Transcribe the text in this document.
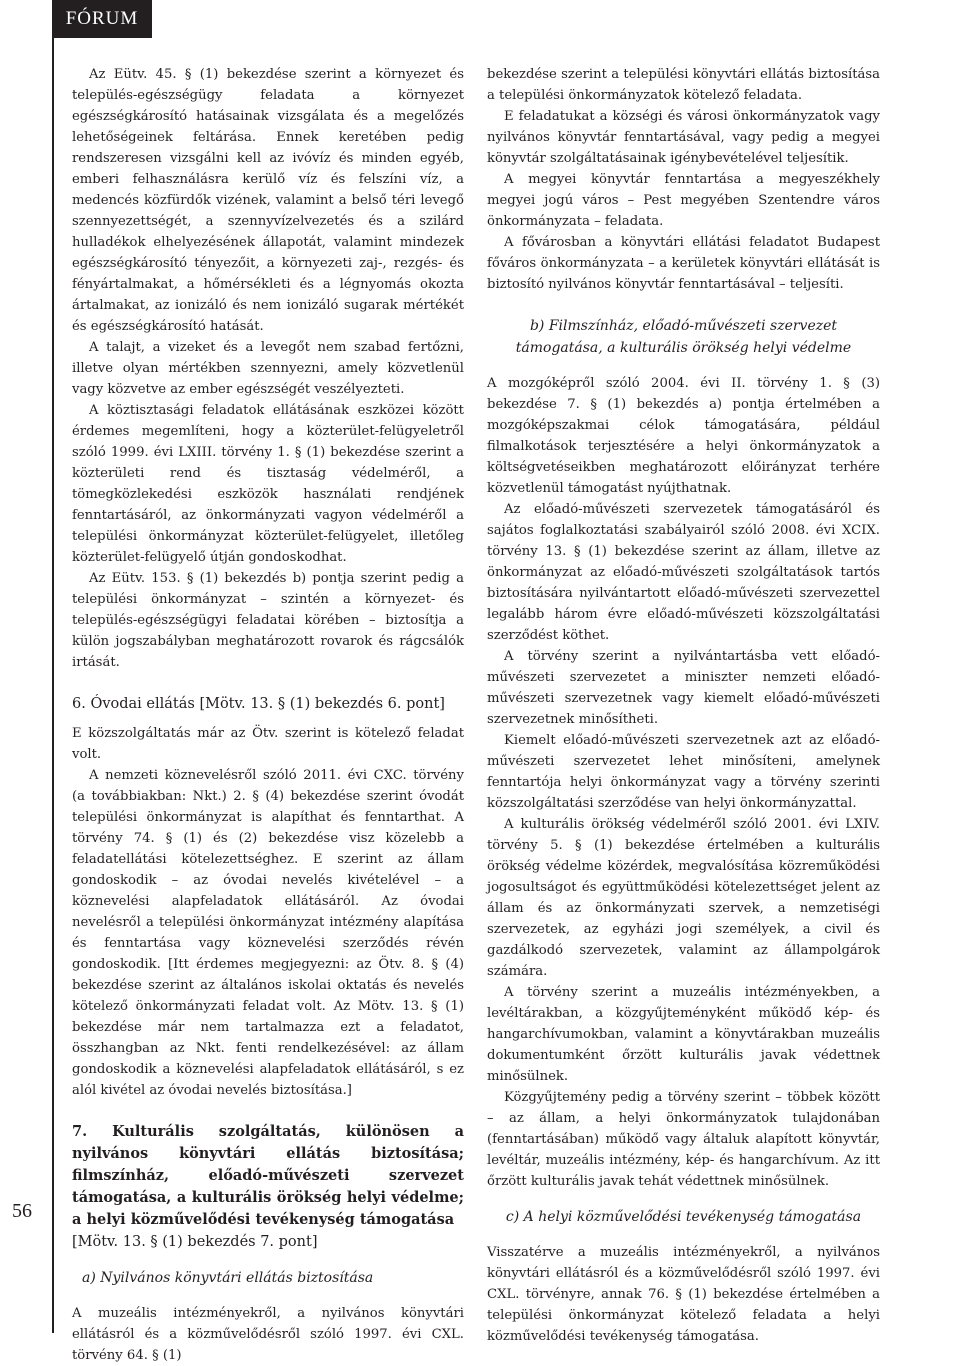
FÓRUM
56

Az Eütv. 45. § (1) bekezdése szerint a környezet és település-egészségügy feladata a környezet egészségkárosító hatásainak vizsgálata és a megelőzés lehetőségeinek feltárása. Ennek keretében pedig rendszeresen vizsgálni kell az ivóvíz és minden egyéb, emberi felhasználásra kerülő víz és felszíni víz, a medencés közfürdők vizének, valamint a belső téri levegő szennyezettségét, a szennyvízelvezetés és a szilárd hulladékok elhelyezésének állapotát, valamint mindezek egészségkárosító tényezőit, a környezeti zaj-, rezgés- és fényártalmakat, a hőmérsékleti és a légnyomás okozta ártalmakat, az ionizáló és nem ionizáló sugarak mértékét és egészségkárosító hatását.

A talajt, a vizeket és a levegőt nem szabad fertőzni, illetve olyan mértékben szennyezni, amely közvetlenül vagy közvetve az ember egészségét veszélyezteti.

A köztisztasági feladatok ellátásának eszközei között érdemes megemlíteni, hogy a közterület-felügyeletről szóló 1999. évi LXIII. törvény 1. § (1) bekezdése szerint a közterületi rend és tisztaság védelméről, a tömegközlekedési eszközök használati rendjének fenntartásáról, az önkormányzati vagyon védelméről a települési önkormányzat közterület-felügyelet, illetőleg közterület-felügyelő útján gondoskodhat.

Az Eütv. 153. § (1) bekezdés b) pontja szerint pedig a települési önkormányzat – szintén a környezet- és település-egészségügyi feladatai körében – biztosítja a külön jogszabályban meghatározott rovarok és rágcsálók irtását.

6. Óvodai ellátás [Mötv. 13. § (1) bekezdés 6. pont]

E közszolgáltatás már az Ötv. szerint is kötelező feladat volt.

A nemzeti köznevelésről szóló 2011. évi CXC. törvény (a továbbiakban: Nkt.) 2. § (4) bekezdése szerint óvodát települési önkormányzat is alapíthat és fenntarthat. A törvény 74. § (1) és (2) bekezdése visz közelebb a feladatellátási kötelezettséghez. E szerint az állam gondoskodik – az óvodai nevelés kivételével – a köznevelési alapfeladatok ellátásáról. Az óvodai nevelésről a települési önkormányzat intézmény alapítása és fenntartása vagy köznevelési szerződés révén gondoskodik. [Itt érdemes megjegyezni: az Ötv. 8. § (4) bekezdése szerint az általános iskolai oktatás és nevelés kötelező önkormányzati feladat volt. Az Mötv. 13. § (1) bekezdése már nem tartalmazza ezt a feladatot, összhangban az Nkt. fenti rendelkezésével: az állam gondoskodik a köznevelési alapfeladatok ellátásáról, s ez alól kivétel az óvodai nevelés biztosítása.]

7. Kulturális szolgáltatás, különösen a nyilvános könyvtári ellátás biztosítása; filmszínház, előadó-művészeti szervezet támogatása, a kulturális örökség helyi védelme; a helyi közművelődési tevékenység támogatása
[Mötv. 13. § (1) bekezdés 7. pont]
a) Nyilvános könyvtári ellátás biztosítása

A muzeális intézményekről, a nyilvános könyvtári ellátásról és a közművelődésről szóló 1997. évi CXL. törvény 64. § (1)

bekezdése szerint a települési könyvtári ellátás biztosítása a települési önkormányzatok kötelező feladata.

E feladatukat a községi és városi önkormányzatok vagy nyilvános könyvtár fenntartásával, vagy pedig a megyei könyvtár szolgáltatásainak igénybevételével teljesítik.

A megyei könyvtár fenntartása a megyeszékhely megyei jogú város – Pest megyében Szentendre város önkormányzata – feladata.

A fővárosban a könyvtári ellátási feladatot Budapest főváros önkormányzata – a kerületek könyvtári ellátását is biztosító nyilvános könyvtár fenntartásával – teljesíti.

b) Filmszínház, előadó-művészeti szervezet
támogatása, a kulturális örökség helyi védelme

A mozgóképről szóló 2004. évi II. törvény 1. § (3) bekezdése 7. § (1) bekezdés a) pontja értelmében a mozgóképszakmai célok támogatására, például filmalkotások terjesztésére a helyi önkormányzatok a költségvetéseikben meghatározott előirányzat terhére közvetlenül támogatást nyújthatnak.

Az előadó-művészeti szervezetek támogatásáról és sajátos foglalkoztatási szabályairól szóló 2008. évi XCIX. törvény 13. § (1) bekezdése szerint az állam, illetve az önkormányzat az előadó-művészeti szolgáltatások tartós biztosítására nyilvántartott előadó-művészeti szervezettel legalább három évre előadó-művészeti közszolgáltatási szerződést köthet.

A törvény szerint a nyilvántartásba vett előadó-művészeti szervezetet a miniszter nemzeti előadó-művészeti szervezetnek vagy kiemelt előadó-művészeti szervezetnek minősítheti.

Kiemelt előadó-művészeti szervezetnek azt az előadó-művészeti szervezetet lehet minősíteni, amelynek fenntartója helyi önkormányzat vagy a törvény szerinti közszolgáltatási szerződése van helyi önkormányzattal.

A kulturális örökség védelméről szóló 2001. évi LXIV. törvény 5. § (1) bekezdése értelmében a kulturális örökség védelme közérdek, megvalósítása közreműködési jogosultságot és együttműködési kötelezettséget jelent az állam és az önkormányzati szervek, a nemzetiségi szervezetek, az egyházi jogi személyek, a civil és gazdálkodó szervezetek, valamint az állampolgárok számára.

A törvény szerint a muzeális intézményekben, a levéltárakban, a közgyűjteményként működő kép- és hangarchívumokban, valamint a könyvtárakban muzeális dokumentumként őrzött kulturális javak védettnek minősülnek.

Közgyűjtemény pedig a törvény szerint – többek között – az állam, a helyi önkormányzatok tulajdonában (fenntartásában) működő vagy általuk alapított könyvtár, levéltár, muzeális intézmény, kép- és hangarchívum. Az itt őrzött kulturális javak tehát védettnek minősülnek.

c) A helyi közművelődési tevékenység támogatása

Visszatérve a muzeális intézményekről, a nyilvános könyvtári ellátásról és a közművelődésről szóló 1997. évi CXL. törvényre, annak 76. § (1) bekezdése értelmében a települési önkormányzat kötelező feladata a helyi közművelődési tevékenység támogatása.
